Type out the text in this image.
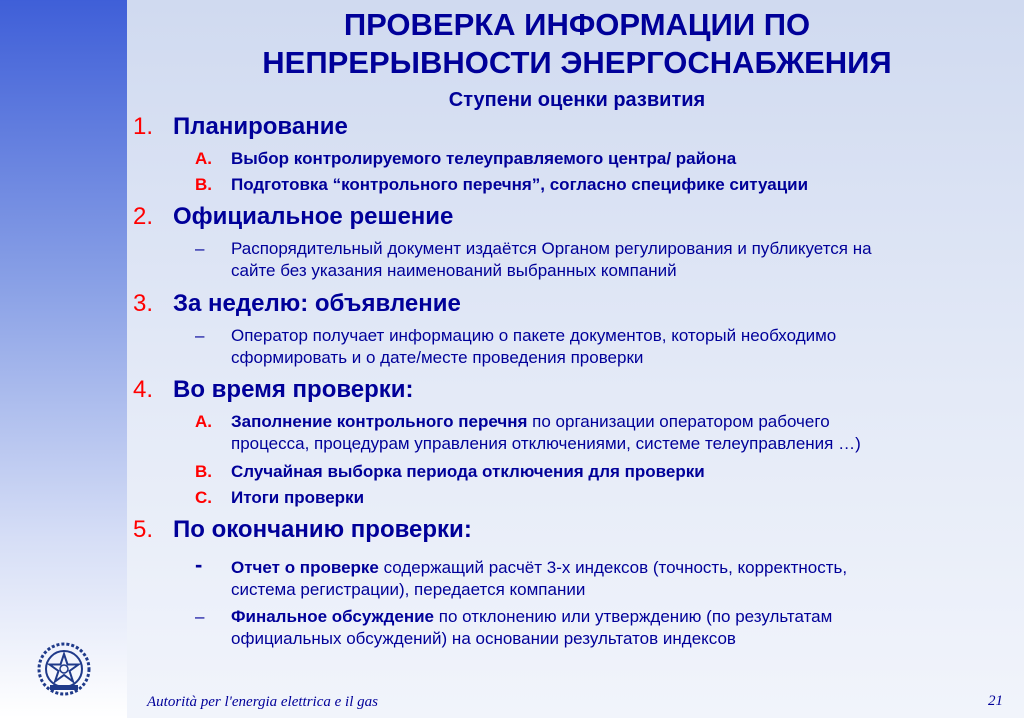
ПРОВЕРКА ИНФОРМАЦИИ ПО
НЕПРЕРЫВНОСТИ ЭНЕРГОСНАБЖЕНИЯ
Ступени оценки развития
1. Планирование
A.	Выбор контролируемого телеуправляемого центра/ района
B.	Подготовка “контрольного перечня”, согласно специфике ситуации
2. Официальное решение
–	Распорядительный документ издаётся Органом регулирования и публикуется на
сайте без указания наименований выбранных компаний
3. За неделю: объявление
–	Оператор получает информацию о пакете документов, который необходимо
сформировать и о дате/месте проведения проверки
4. Во время проверки:
A.	Заполнение контрольного перечня по организации оператором рабочего
процесса, процедурам управления отключениями, системе телеуправления …)
B.	Случайная выборка периода отключения для проверки
C.	Итоги проверки
5. По окончанию проверки:
-	Отчет о проверке содержащий расчёт 3-х индексов (точность, корректность,
система регистрации), передается компании
–	Финальное обсуждение по отклонению или утверждению (по результатам
официальных обсуждений) на основании результатов индексов
Autorità per l'energia elettrica e il gas	21
